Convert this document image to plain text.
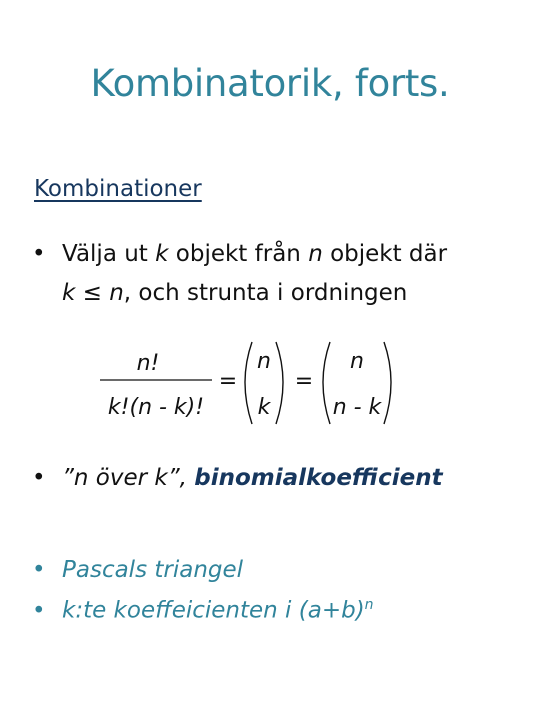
Kombinatorik, forts.
Kombinationer
• Välja ut k objekt från n objekt där
k ≤ n, och strunta i ordningen
n!
k!(n - k)!
=
n
k
=
n
n - k
• ”n över k”, binomialkoefficient
• Pascals triangel
• k:te koeffeicienten i $(a+b)^n$
